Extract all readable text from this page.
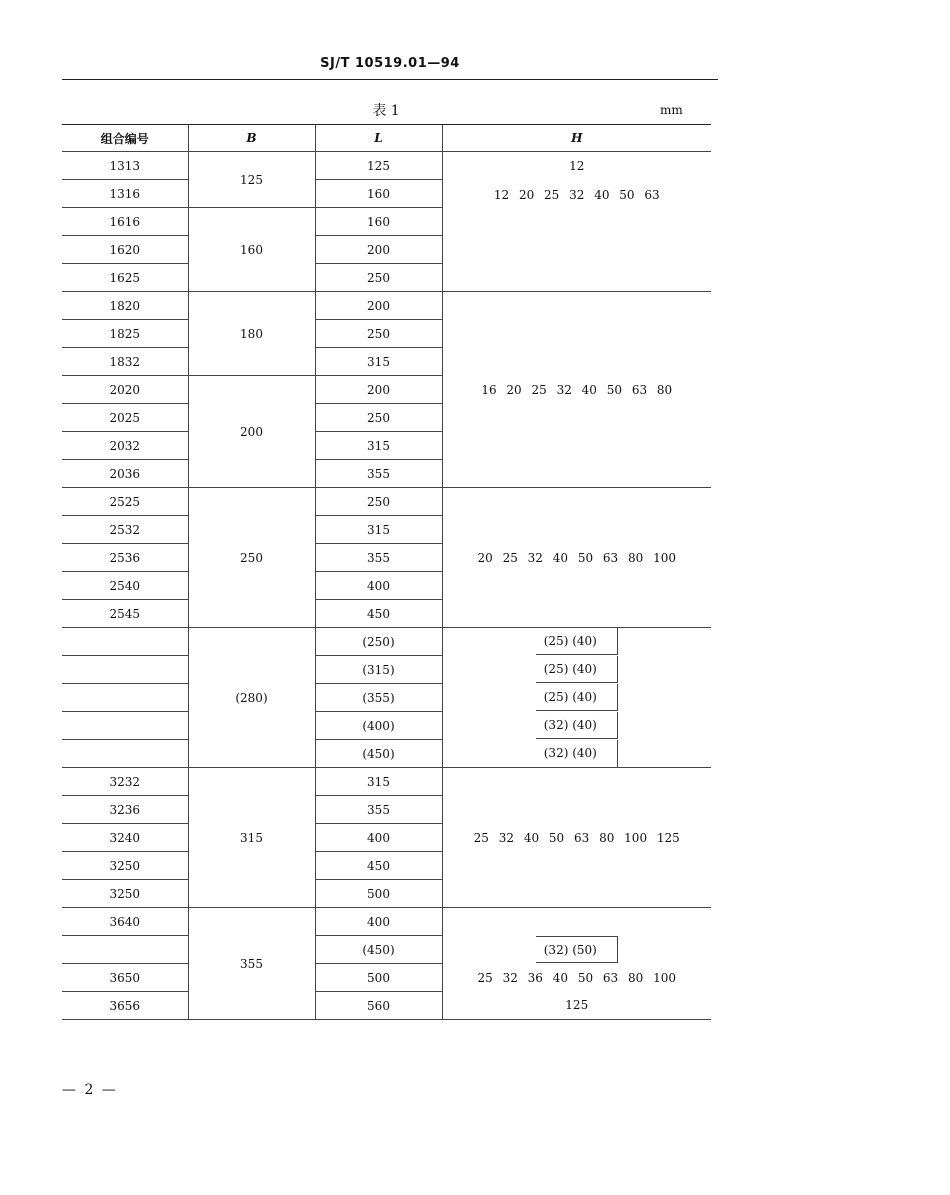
SJ/T 10519.01—94
表 1	mm
组合编号	B	L	H
1313	125	125	12
1316		160	12 20 25 32 40 50 63
1616	160	160	
1620		200	
1625		250	
1820	180	200	16 20 25 32 40 50 63 80
1825		250	
1832		315	
2020	200	200	
2025		250	
2032		315	
2036		355	
2525	250	250	20 25 32 40 50 63 80 100
2532		315	
2536		355	
2540		400	
2545		450	
	(280)	(250)	(25) (40)
		(315)	(25) (40)
		(355)	(25) (40)
		(400)	(32) (40)
		(450)	(32) (40)
3232	315	315	25 32 40 50 63 80 100 125
3236		355	
3240		400	
3250		450	
3250		500	
3640	355	400	
		(450)	(32) (50)
3650		500	25 32 36 40 50 63 80 100
3656		560	125
— 2 —
